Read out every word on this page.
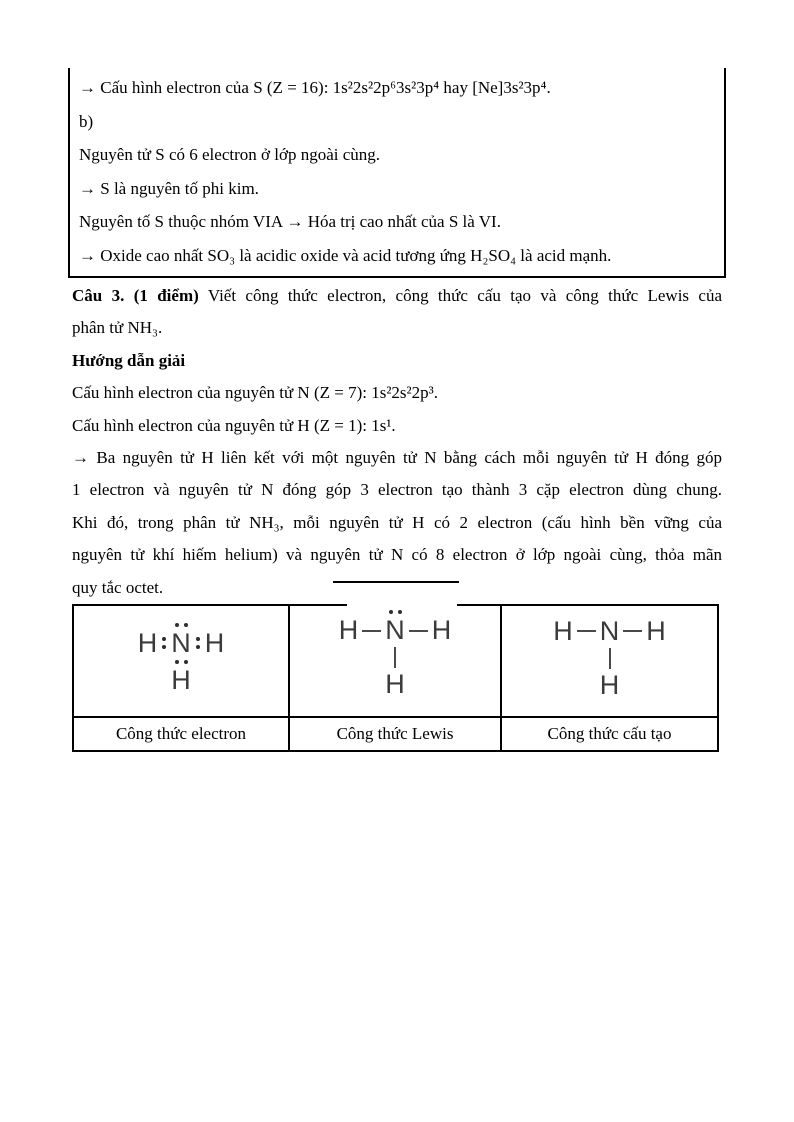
→ Cấu hình electron của S (Z = 16): 1s²2s²2p⁶3s²3p⁴ hay [Ne]3s²3p⁴.
b)
Nguyên tử S có 6 electron ở lớp ngoài cùng.
→ S là nguyên tố phi kim.
Nguyên tố S thuộc nhóm VIA → Hóa trị cao nhất của S là VI.
→ Oxide cao nhất SO₃ là acidic oxide và acid tương ứng H₂SO₄ là acid mạnh.
Câu 3. (1 điểm) Viết công thức electron, công thức cấu tạo và công thức Lewis của
phân tử NH₃.
Hướng dẫn giải
Cấu hình electron của nguyên tử N (Z = 7): 1s²2s²2p³.
Cấu hình electron của nguyên tử H (Z = 1): 1s¹.
→ Ba nguyên tử H liên kết với một nguyên tử N bằng cách mỗi nguyên tử H đóng góp
1 electron và nguyên tử N đóng góp 3 electron tạo thành 3 cặp electron dùng chung.
Khi đó, trong phân tử NH₃, mỗi nguyên tử H có 2 electron (cấu hình bền vững của
nguyên tử khí hiếm helium) và nguyên tử N có 8 electron ở lớp ngoài cùng, thỏa mãn
quy tắc octet.
H N H
H
H N H
H
H N H
H
Công thức electron	Công thức Lewis	Công thức cấu tạo
